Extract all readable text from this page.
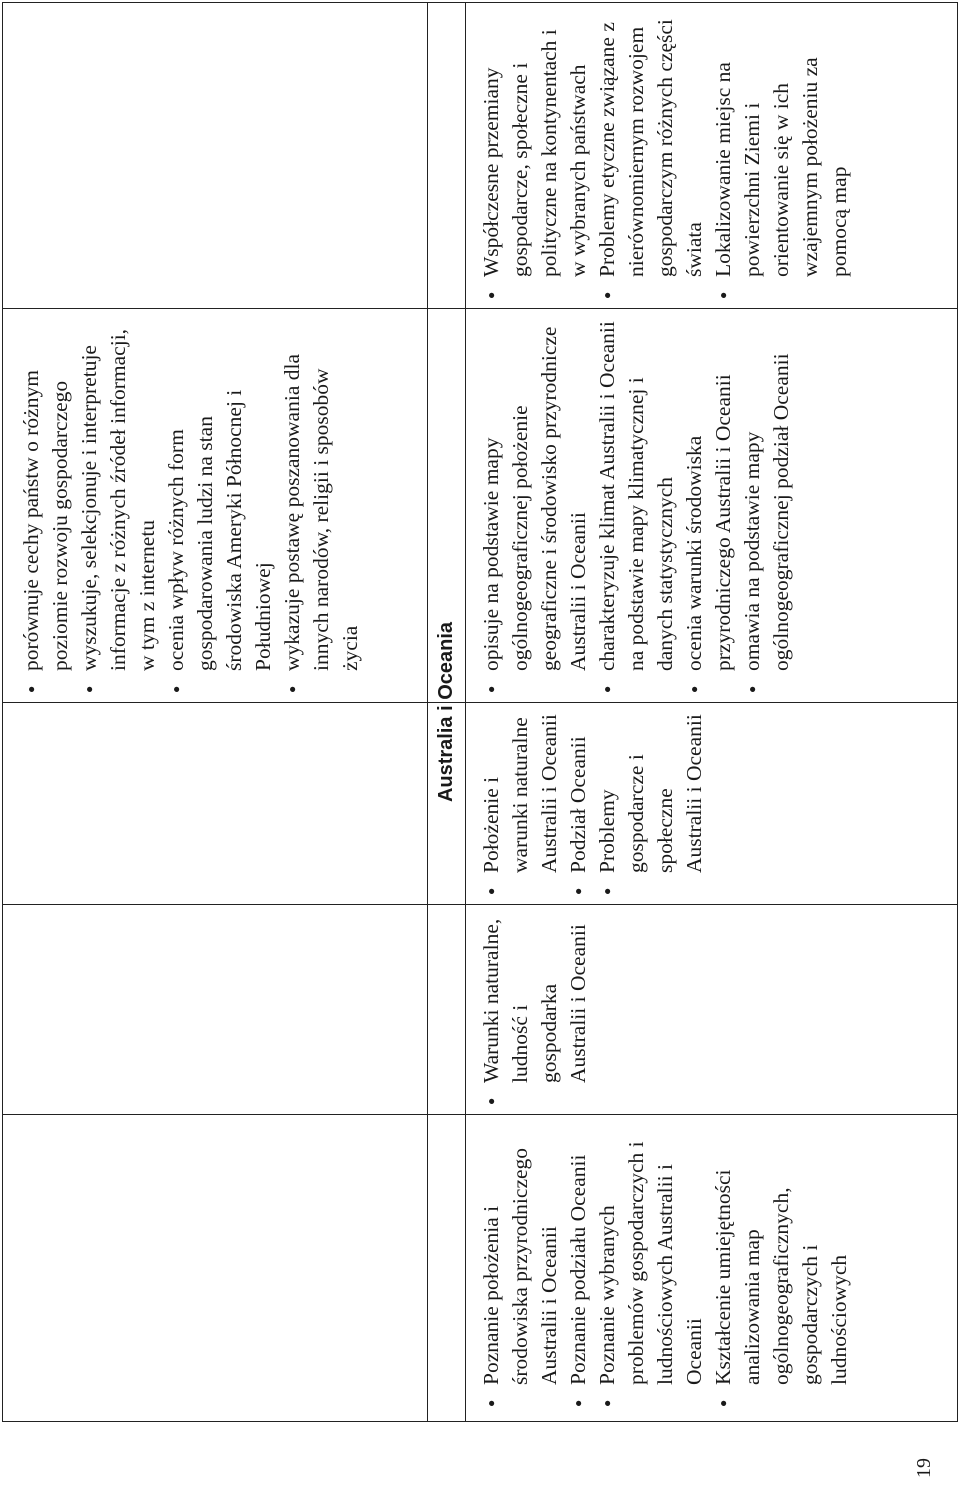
● porównuje cechy państw o różnym poziomie rozwoju gospodarczego ● wyszukuje, selekcjonuje i interpretuje informacje z różnych źródeł informacji, w tym z internetu ● ocenia wpływ różnych form gospodarowania ludzi na stan środowiska Ameryki Północnej i Południowej ● wykazuje postawę poszanowania dla innych narodów, religii i sposobów życia	Australia i Oceania
● Poznanie położenia i środowiska przyrodniczego Australii i Oceanii ● Poznanie podziału Oceanii ● Poznanie wybranych problemów gospodarczych i ludnościowych Australii i Oceanii ● Kształcenie umiejętności analizowania map ogólnogeograficznych, gospodarczych i ludnościowych
● Warunki naturalne, ludność i gospodarka Australii i Oceanii
● Położenie i warunki naturalne Australii i Oceanii ● Podział Oceanii ● Problemy gospodarcze i społeczne Australii i Oceanii
● opisuje na podstawie mapy ogólnogeograficznej położenie geograficzne i środowisko przyrodnicze Australii i Oceanii ● charakteryzuje klimat Australii i Oceanii na podstawie mapy klimatycznej i danych statystycznych ● ocenia warunki środowiska przyrodniczego Australii i Oceanii ● omawia na podstawie mapy ogólnogeograficznej podział Oceanii
● Współczesne przemiany gospodarcze, społeczne i polityczne na kontynentach i w wybranych państwach ● Problemy etyczne związane z nierównomiernym rozwojem gospodarczym różnych części świata ● Lokalizowanie miejsc na powierzchni Ziemi i orientowanie się w ich wzajemnym położeniu za pomocą map
19
